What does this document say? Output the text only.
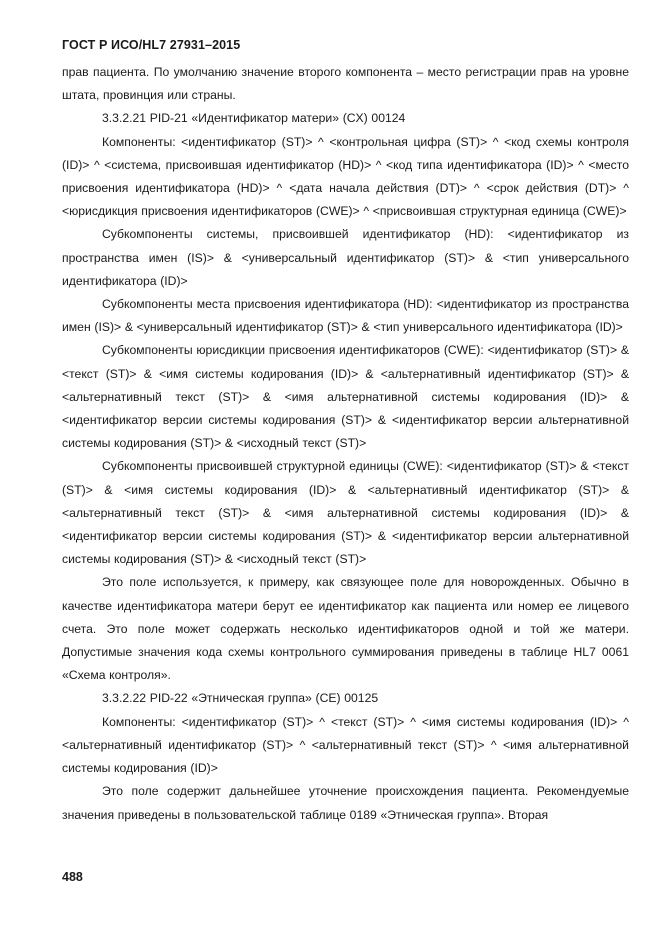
ГОСТ Р ИСО/HL7 27931–2015

прав пациента. По умолчанию значение второго компонента – место регистрации прав на уровне штата, провинция или страны.

3.3.2.21 PID-21 «Идентификатор матери» (CX) 00124

Компоненты: <идентификатор (ST)> ^ <контрольная цифра (ST)> ^ <код схемы контроля (ID)> ^ <система, присвоившая идентификатор (HD)> ^ <код типа идентификатора (ID)> ^ <место присвоения идентификатора (HD)> ^ <дата начала действия (DT)> ^ <срок действия (DT)> ^ <юрисдикция присвоения идентификаторов (CWE)> ^ <присвоившая структурная единица (CWE)>

Субкомпоненты системы, присвоившей идентификатор (HD): <идентификатор из пространства имен (IS)> & <универсальный идентификатор (ST)> & <тип универсального идентификатора (ID)>

Субкомпоненты места присвоения идентификатора (HD): <идентификатор из пространства имен (IS)> & <универсальный идентификатор (ST)> & <тип универсального идентификатора (ID)>

Субкомпоненты юрисдикции присвоения идентификаторов (CWE): <идентификатор (ST)> & <текст (ST)> & <имя системы кодирования (ID)> & <альтернативный идентификатор (ST)> & <альтернативный текст (ST)> & <имя альтернативной системы кодирования (ID)> & <идентификатор версии системы кодирования (ST)> & <идентификатор версии альтернативной системы кодирования (ST)> & <исходный текст (ST)>

Субкомпоненты присвоившей структурной единицы (CWE): <идентификатор (ST)> & <текст (ST)> & <имя системы кодирования (ID)> & <альтернативный идентификатор (ST)> & <альтернативный текст (ST)> & <имя альтернативной системы кодирования (ID)> & <идентификатор версии системы кодирования (ST)> & <идентификатор версии альтернативной системы кодирования (ST)> & <исходный текст (ST)>

Это поле используется, к примеру, как связующее поле для новорожденных. Обычно в качестве идентификатора матери берут ее идентификатор как пациента или номер ее лицевого счета. Это поле может содержать несколько идентификаторов одной и той же матери. Допустимые значения кода схемы контрольного суммирования приведены в таблице HL7 0061 «Схема контроля».

3.3.2.22 PID-22 «Этническая группа» (CE) 00125

Компоненты: <идентификатор (ST)> ^ <текст (ST)> ^ <имя системы кодирования (ID)> ^ <альтернативный идентификатор (ST)> ^ <альтернативный текст (ST)> ^ <имя альтернативной системы кодирования (ID)>

Это поле содержит дальнейшее уточнение происхождения пациента. Рекомендуемые значения приведены в пользовательской таблице 0189 «Этническая группа». Вторая

488
